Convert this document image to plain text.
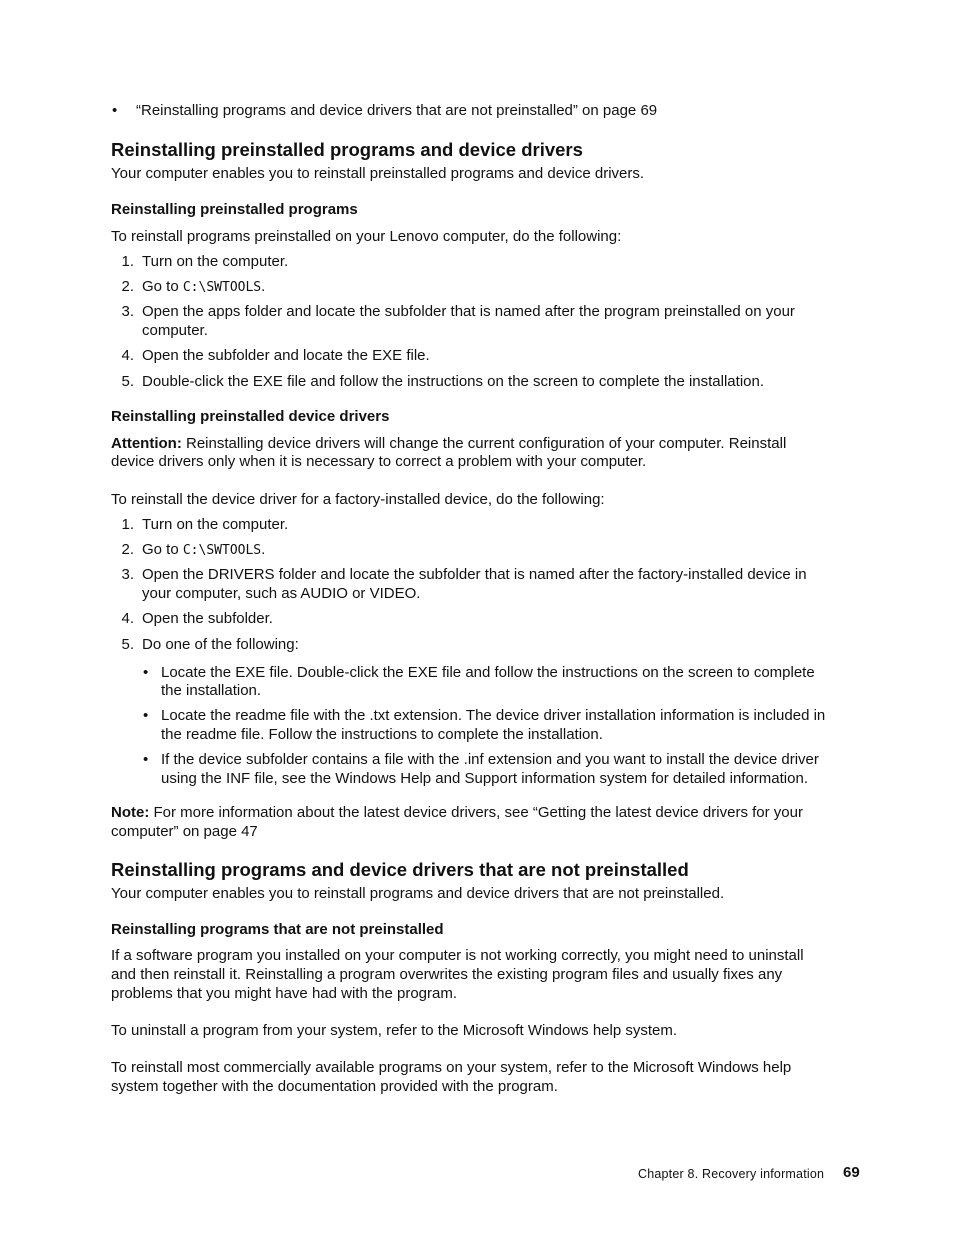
• “Reinstalling programs and device drivers that are not preinstalled” on page 69
Reinstalling preinstalled programs and device drivers
Your computer enables you to reinstall preinstalled programs and device drivers.
Reinstalling preinstalled programs
To reinstall programs preinstalled on your Lenovo computer, do the following:
1. Turn on the computer.
2. Go to C:\SWTOOLS.
3. Open the apps folder and locate the subfolder that is named after the program preinstalled on your
computer.
4. Open the subfolder and locate the EXE file.
5. Double-click the EXE file and follow the instructions on the screen to complete the installation.
Reinstalling preinstalled device drivers
Attention: Reinstalling device drivers will change the current configuration of your computer. Reinstall
device drivers only when it is necessary to correct a problem with your computer.
To reinstall the device driver for a factory-installed device, do the following:
1. Turn on the computer.
2. Go to C:\SWTOOLS.
3. Open the DRIVERS folder and locate the subfolder that is named after the factory-installed device in
your computer, such as AUDIO or VIDEO.
4. Open the subfolder.
5. Do one of the following:
• Locate the EXE file. Double-click the EXE file and follow the instructions on the screen to complete
the installation.
• Locate the readme file with the .txt extension. The device driver installation information is included in
the readme file. Follow the instructions to complete the installation.
• If the device subfolder contains a file with the .inf extension and you want to install the device driver
using the INF file, see the Windows Help and Support information system for detailed information.
Note: For more information about the latest device drivers, see “Getting the latest device drivers for your
computer” on page 47
Reinstalling programs and device drivers that are not preinstalled
Your computer enables you to reinstall programs and device drivers that are not preinstalled.
Reinstalling programs that are not preinstalled
If a software program you installed on your computer is not working correctly, you might need to uninstall
and then reinstall it. Reinstalling a program overwrites the existing program files and usually fixes any
problems that you might have had with the program.
To uninstall a program from your system, refer to the Microsoft Windows help system.
To reinstall most commercially available programs on your system, refer to the Microsoft Windows help
system together with the documentation provided with the program.
Chapter 8. Recovery information 69
